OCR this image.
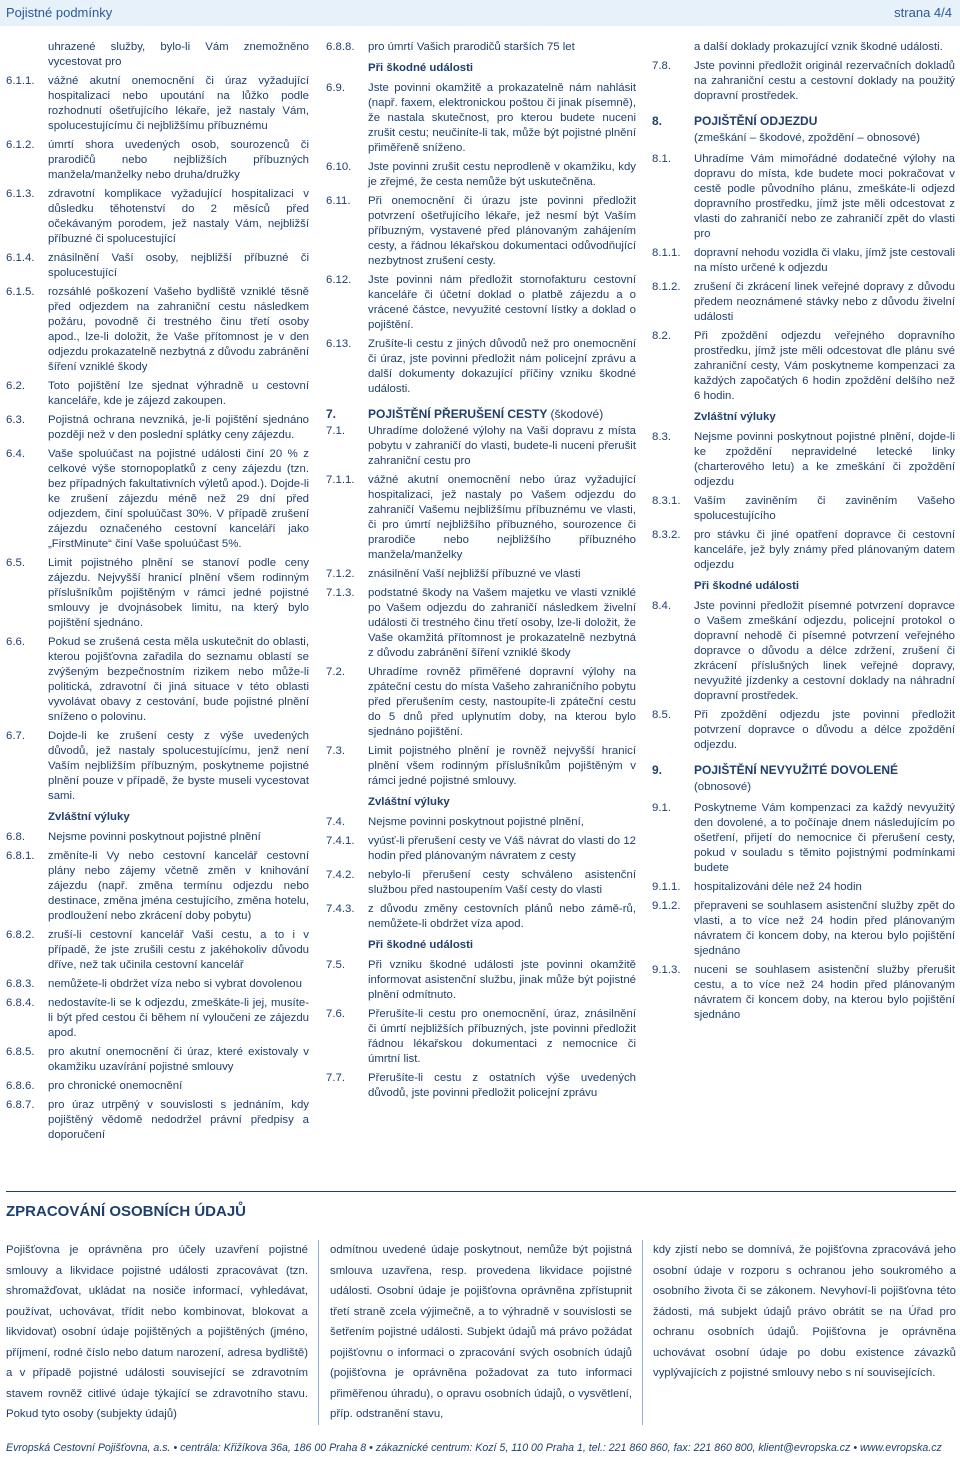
Pojistné podmínky	strana 4/4
uhrazené služby, bylo-li Vám znemožněno vycestovat pro
6.1.1.	vážné akutní onemocnění či úraz vyžadující hospitalizaci nebo upoutání na lůžko podle rozhodnutí ošetřujícího lékaře, jež nastaly Vám, spolucestujícímu či nejbližšímu příbuznému
6.1.2.	úmrtí shora uvedených osob, sourozenců či prarodičů nebo nejbližších příbuzných manžela/manželky nebo druha/družky
6.1.3.	zdravotní komplikace vyžadující hospitalizaci v důsledku těhotenství do 2 měsíců před očekávaným porodem, jež nastaly Vám, nejbližší příbuzné či spolucestující
6.1.4.	znásilnění Vaší osoby, nejbližší příbuzné či spolucestující
6.1.5.	rozsáhlé poškození Vašeho bydliště vzniklé těsně před odjezdem na zahraniční cestu následkem požáru, povodně či trestného činu třetí osoby apod., lze-li doložit, že Vaše přítomnost je v den odjezdu prokazatelně nezbytná z důvodu zabránění šíření vzniklé škody
6.2.	Toto pojištění lze sjednat výhradně u cestovní kanceláře, kde je zájezd zakoupen.
6.3.	Pojistná ochrana nevzniká, je-li pojištění sjednáno později než v den poslední splátky ceny zájezdu.
6.4.	Vaše spoluúčast na pojistné události činí 20 % z celkové výše stornopoplatků z ceny zájezdu (tzn. bez případných fakultativních výletů apod.). Dojde-li ke zrušení zájezdu méně než 29 dní před odjezdem, činí spoluúčast 30%. V případě zrušení zájezdu označeného cestovní kanceláří jako „FirstMinute“ činí Vaše spoluúčast 5%.
6.5.	Limit pojistného plnění se stanoví podle ceny zájezdu. Nejvyšší hranicí plnění všem rodinným příslušníkům pojištěným v rámci jedné pojistné smlouvy je dvojnásobek limitu, na který bylo pojištění sjednáno.
6.6.	Pokud se zrušená cesta měla uskutečnit do oblasti, kterou pojišťovna zařadila do seznamu oblastí se zvýšeným bezpečnostním rizikem nebo může-li politická, zdravotní či jiná situace v této oblasti vyvolávat obavy z cestování, bude pojistné plnění sníženo o polovinu.
6.7.	Dojde-li ke zrušení cesty z výše uvedených důvodů, jež nastaly spolucestujícímu, jenž není Vaším nejbližším příbuzným, poskytneme pojistné plnění pouze v případě, že byste museli vycestovat sami.
Zvláštní výluky
6.8.	Nejsme povinni poskytnout pojistné plnění
6.8.1.	změníte-li Vy nebo cestovní kancelář cestovní plány nebo zájemy včetně změn v knihování zájezdu (např. změna termínu odjezdu nebo destinace, změna jména cestujícího, změna hotelu, prodloužení nebo zkrácení doby pobytu)
6.8.2.	zruší-li cestovní kancelář Vaši cestu, a to i v případě, že jste zrušili cestu z jakéhokoliv důvodu dříve, než tak učinila cestovní kancelář
6.8.3.	nemůžete-li obdržet víza nebo si vybrat dovolenou
6.8.4.	nedostavíte-li se k odjezdu, zmeškáte-li jej, musíte-li být před cestou či během ní vyloučeni ze zájezdu apod.
6.8.5.	pro akutní onemocnění či úraz, které existovaly v okamžiku uzavírání pojistné smlouvy
6.8.6.	pro chronické onemocnění
6.8.7.	pro úraz utrpěný v souvislosti s jednáním, kdy pojištěný vědomě nedodržel právní předpisy a doporučení
6.8.8.	pro úmrtí Vašich prarodičů starších 75 let
Při škodné události
6.9.	Jste povinni okamžitě a prokazatelně nám nahlásit (např. faxem, elektronickou poštou či jinak písemně), že nastala skutečnost, pro kterou budete nuceni zrušit cestu; neučiníte-li tak, může být pojistné plnění přiměřeně sníženo.
6.10.	Jste povinni zrušit cestu neprodleně v okamžiku, kdy je zřejmé, že cesta nemůže být uskutečněna.
6.11.	Při onemocnění či úrazu jste povinni předložit potvrzení ošetřujícího lékaře, jež nesmí být Vaším příbuzným, vystavené před plánovaným zahájením cesty, a řádnou lékařskou dokumentaci odůvodňující nezbytnost zrušení cesty.
6.12.	Jste povinni nám předložit stornofakturu cestovní kanceláře či účetní doklad o platbě zájezdu a o vrácené částce, nevyužité cestovní lístky a doklad o pojištění.
6.13.	Zrušíte-li cestu z jiných důvodů než pro onemocnění či úraz, jste povinni předložit nám policejní zprávu a další dokumenty dokazující příčiny vzniku škodné události.
7.	POJIŠTĚNÍ PŘERUŠENÍ CESTY (škodové)
7.1.	Uhradíme doložené výlohy na Vaši dopravu z místa pobytu v zahraničí do vlasti, budete-li nuceni přerušit zahraniční cestu pro
7.1.1.	vážné akutní onemocnění nebo úraz vyžadující hospitalizaci, jež nastaly po Vašem odjezdu do zahraničí Vašemu nejbližšímu příbuznému ve vlasti, či pro úmrtí nejbližšího příbuzného, sourozence či prarodiče nebo nejbližšího příbuzného manžela/manželky
7.1.2.	znásilnění Vaší nejbližší příbuzné ve vlasti
7.1.3.	podstatné škody na Vašem majetku ve vlasti vzniklé po Vašem odjezdu do zahraničí následkem živelní události či trestného činu třetí osoby, lze-li doložit, že Vaše okamžitá přítomnost je prokazatelně nezbytná z důvodu zabránění šíření vzniklé škody
7.2.	Uhradíme rovněž přiměřené dopravní výlohy na zpáteční cestu do místa Vašeho zahraničního pobytu před přerušením cesty, nastoupíte-li zpáteční cestu do 5 dnů před uplynutím doby, na kterou bylo sjednáno pojištění.
7.3.	Limit pojistného plnění je rovněž nejvyšší hranicí plnění všem rodinným příslušníkům pojištěným v rámci jedné pojistné smlouvy.
Zvláštní výluky
7.4.	Nejsme povinni poskytnout pojistné plnění,
7.4.1.	vyúsť-li přerušení cesty ve Váš návrat do vlasti do 12 hodin před plánovaným návratem z cesty
7.4.2.	nebylo-li přerušení cesty schváleno asistenční službou před nastoupením Vaší cesty do vlasti
7.4.3.	z důvodu změny cestovních plánů nebo zámě-rů, nemůžete-li obdržet víza apod.
Při škodné události
7.5.	Při vzniku škodné události jste povinni okamžitě informovat asistenční službu, jinak může být pojistné plnění odmítnuto.
7.6.	Přerušíte-li cestu pro onemocnění, úraz, znásilnění či úmrtí nejbližších příbuzných, jste povinni předložit řádnou lékařskou dokumentaci z nemocnice či úmrtní list.
7.7.	Přerušíte-li cestu z ostatních výše uvedených důvodů, jste povinni předložit policejní zprávu
a další doklady prokazující vznik škodné události.
7.8.	Jste povinni předložit originál rezervačních dokladů na zahraniční cestu a cestovní doklady na použitý dopravní prostředek.
8.	POJIŠTĚNÍ ODJEZDU
(zmeškání – škodové, zpoždění – obnosové)
8.1.	Uhradíme Vám mimořádné dodatečné výlohy na dopravu do místa, kde budete moci pokračovat v cestě podle původního plánu, zmeškáte-li odjezd dopravního prostředku, jímž jste měli odcestovat z vlasti do zahraničí nebo ze zahraničí zpět do vlasti pro
8.1.1.	dopravní nehodu vozidla či vlaku, jímž jste cestovali na místo určené k odjezdu
8.1.2.	zrušení či zkrácení linek veřejné dopravy z důvodu předem neoznámené stávky nebo z důvodu živelní události
8.2.	Při zpoždění odjezdu veřejného dopravního prostředku, jímž jste měli odcestovat dle plánu své zahraniční cesty, Vám poskytneme kompenzaci za každých započatých 6 hodin zpoždění delšího než 6 hodin.
Zvláštní výluky
8.3.	Nejsme povinni poskytnout pojistné plnění, dojde-li ke zpoždění nepravidelné letecké linky (charterového letu) a ke zmeškání či zpoždění odjezdu
8.3.1.	Vaším zaviněním či zaviněním Vašeho spolucestujícího
8.3.2.	pro stávku či jiné opatření dopravce či cestovní kanceláře, jež byly známy před plánovaným datem odjezdu
Při škodné události
8.4.	Jste povinni předložit písemné potvrzení dopravce o Vašem zmeškání odjezdu, policejní protokol o dopravní nehodě či písemné potvrzení veřejného dopravce o důvodu a délce zdržení, zrušení či zkrácení příslušných linek veřejné dopravy, nevyužité jízdenky a cestovní doklady na náhradní dopravní prostředek.
8.5.	Při zpoždění odjezdu jste povinni předložit potvrzení dopravce o důvodu a délce zpoždění odjezdu.
9.	POJIŠTĚNÍ NEVYUŽITÉ DOVOLENÉ
(obnosové)
9.1.	Poskytneme Vám kompenzaci za každý nevyužitý den dovolené, a to počínaje dnem následujícím po ošetření, přijetí do nemocnice či přerušení cesty, pokud v souladu s těmito pojistnými podmínkami budete
9.1.1.	hospitalizováni déle než 24 hodin
9.1.2.	přepraveni se souhlasem asistenční služby zpět do vlasti, a to více než 24 hodin před plánovaným návratem či koncem doby, na kterou bylo pojištění sjednáno
9.1.3.	nuceni se souhlasem asistenční služby přerušit cestu, a to více než 24 hodin před plánovaným návratem či koncem doby, na kterou bylo pojištění sjednáno
ZPRACOVÁNÍ OSOBNÍCH ÚDAJŮ
Pojišťovna je oprávněna pro účely uzavření pojistné smlouvy a likvidace pojistné události zpracovávat (tzn. shromažďovat, ukládat na nosiče informací, vyhledávat, používat, uchovávat, třídit nebo kombinovat, blokovat a likvidovat) osobní údaje pojištěných a pojištěných (jméno, příjmení, rodné číslo nebo datum narození, adresa bydliště) a v případě pojistné události související se zdravotním stavem rovněž citlivé údaje týkající se zdravotního stavu. Pokud tyto osoby (subjekty údajů)
odmítnou uvedené údaje poskytnout, nemůže být pojistná smlouva uzavřena, resp. provedena likvidace pojistné události. Osobní údaje je pojišťovna oprávněna zpřístupnit třetí straně zcela výjimečně, a to výhradně v souvislosti se šetřením pojistné události. Subjekt údajů má právo požádat pojišťovnu o informaci o zpracování svých osobních údajů (pojišťovna je oprávněna požadovat za tuto informaci přiměřenou úhradu), o opravu osobních údajů, o vysvětlení, příp. odstranění stavu,
kdy zjistí nebo se domnívá, že pojišťovna zpracovává jeho osobní údaje v rozporu s ochranou jeho soukromého a osobního života či se zákonem. Nevyhoví-li pojišťovna této žádosti, má subjekt údajů právo obrátit se na Úřad pro ochranu osobních údajů. Pojišťovna je oprávněna uchovávat osobní údaje po dobu existence závazků vyplývajících z pojistné smlouvy nebo s ní souvisejících.
Evropská Cestovní Pojišťovna, a.s. • centrála: Křižíkova 36a, 186 00 Praha 8 • zákaznické centrum: Kozí 5, 110 00 Praha 1, tel.: 221 860 860, fax: 221 860 800, klient@evropska.cz • www.evropska.cz
